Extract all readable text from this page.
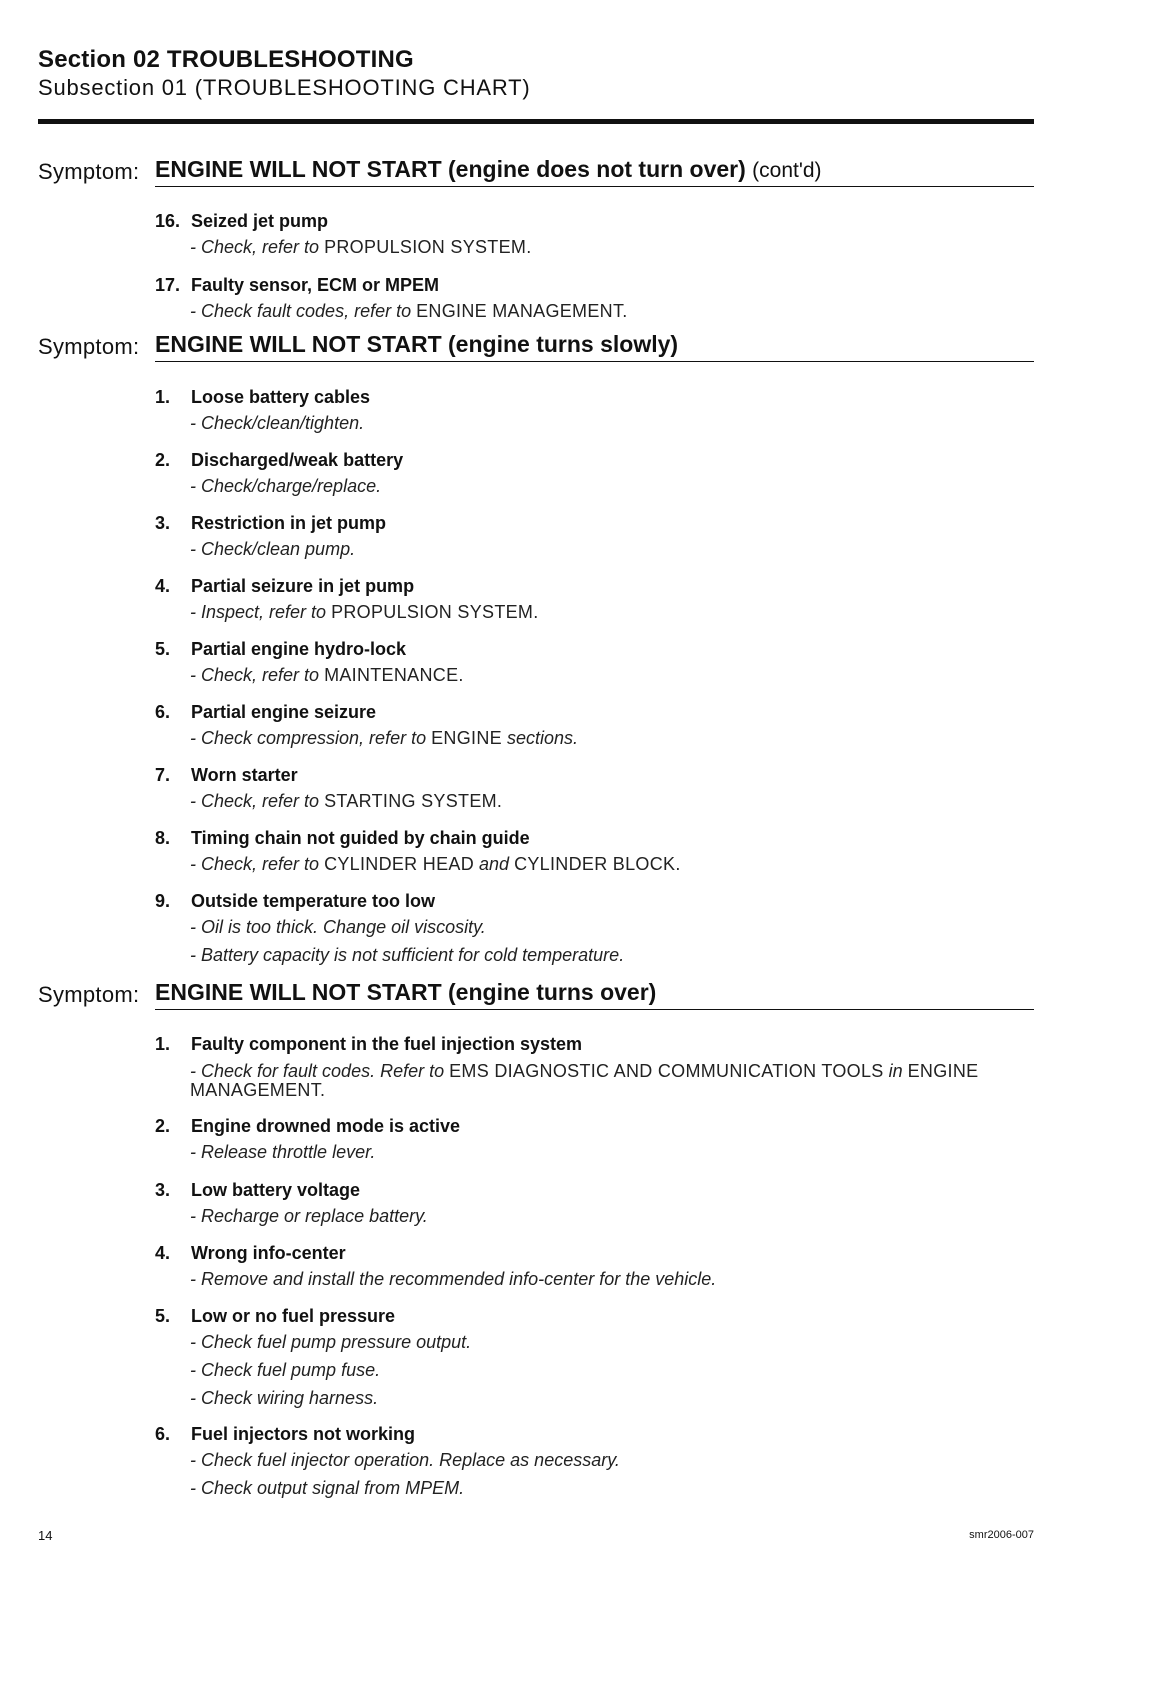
Section 02 TROUBLESHOOTING
Subsection 01 (TROUBLESHOOTING CHART)
Symptom: ENGINE WILL NOT START (engine does not turn over) (cont'd)
16. Seized jet pump
- Check, refer to PROPULSION SYSTEM.
17. Faulty sensor, ECM or MPEM
- Check fault codes, refer to ENGINE MANAGEMENT.
Symptom: ENGINE WILL NOT START (engine turns slowly)
1. Loose battery cables
- Check/clean/tighten.
2. Discharged/weak battery
- Check/charge/replace.
3. Restriction in jet pump
- Check/clean pump.
4. Partial seizure in jet pump
- Inspect, refer to PROPULSION SYSTEM.
5. Partial engine hydro-lock
- Check, refer to MAINTENANCE.
6. Partial engine seizure
- Check compression, refer to ENGINE sections.
7. Worn starter
- Check, refer to STARTING SYSTEM.
8. Timing chain not guided by chain guide
- Check, refer to CYLINDER HEAD and CYLINDER BLOCK.
9. Outside temperature too low
- Oil is too thick. Change oil viscosity.
- Battery capacity is not sufficient for cold temperature.
Symptom: ENGINE WILL NOT START (engine turns over)
1. Faulty component in the fuel injection system
- Check for fault codes. Refer to EMS DIAGNOSTIC AND COMMUNICATION TOOLS in ENGINE MANAGEMENT.
2. Engine drowned mode is active
- Release throttle lever.
3. Low battery voltage
- Recharge or replace battery.
4. Wrong info-center
- Remove and install the recommended info-center for the vehicle.
5. Low or no fuel pressure
- Check fuel pump pressure output.
- Check fuel pump fuse.
- Check wiring harness.
6. Fuel injectors not working
- Check fuel injector operation. Replace as necessary.
- Check output signal from MPEM.
14	smr2006-007
